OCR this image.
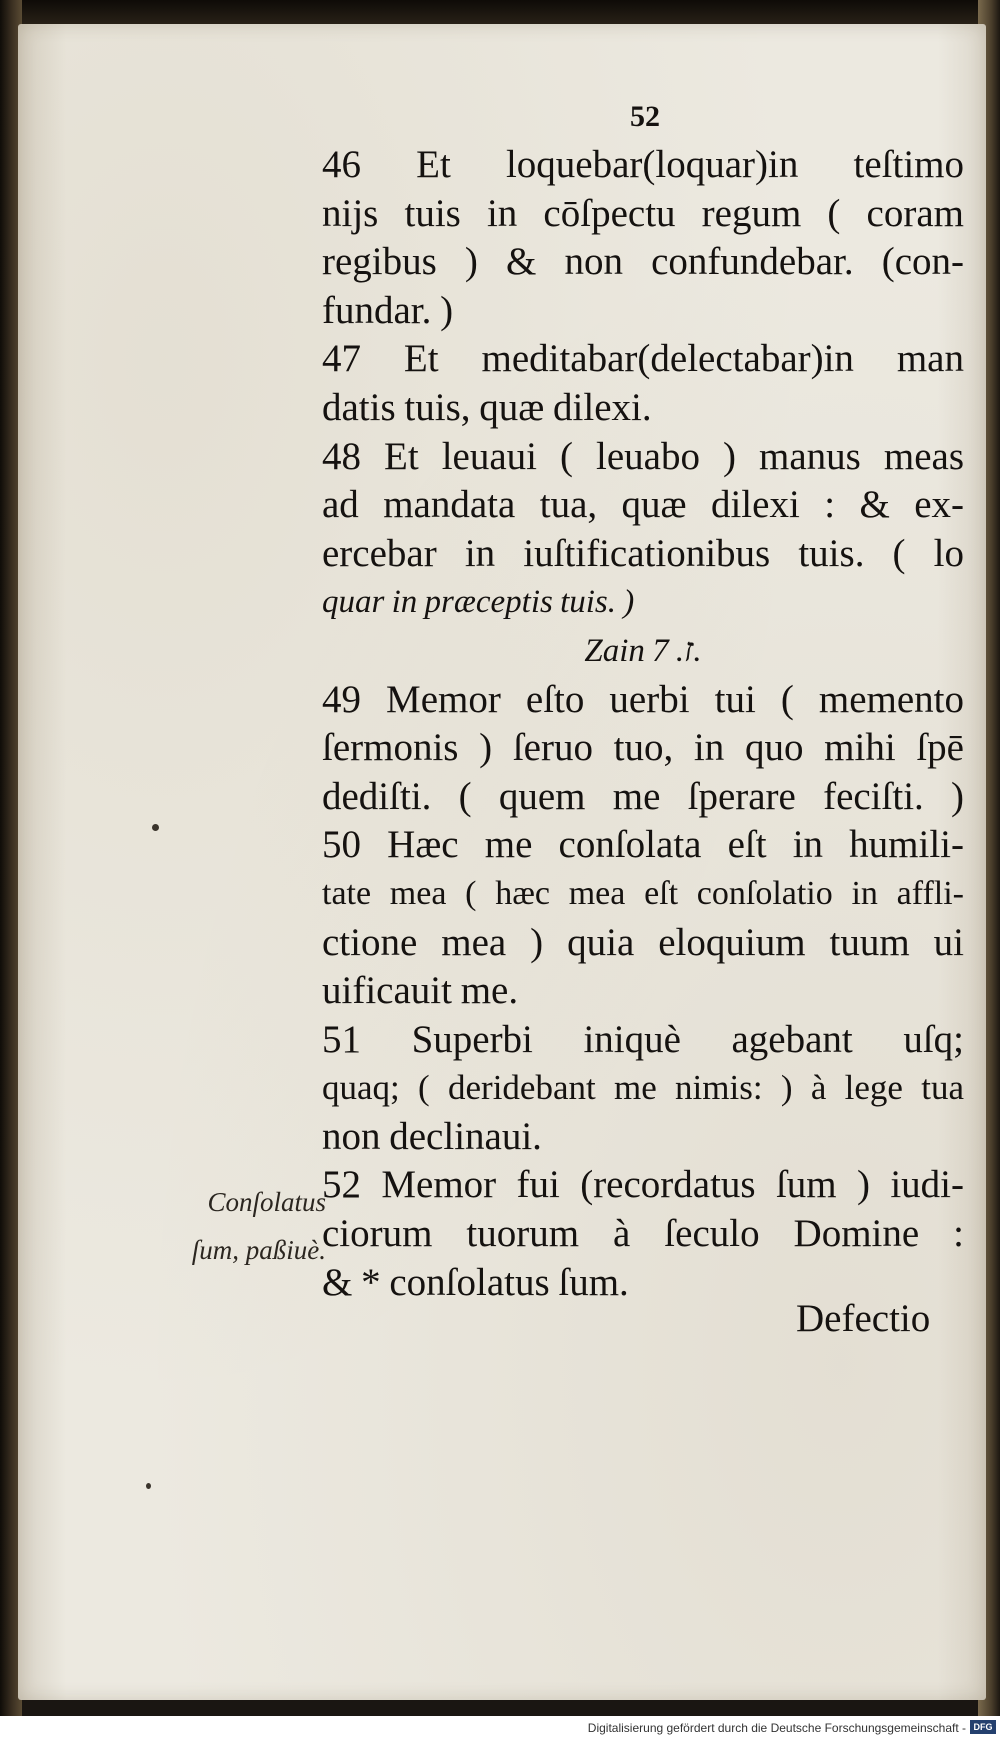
52
46 Et loquebar(loquar)in teſtimo
nijs tuis in cōſpectu regum ( coram
regibus ) & non confundebar. (con-
fundar. )
47 Et meditabar(delectabar)in man
datis tuis, quæ dilexi.
48 Et leuaui ( leuabo ) manus meas
ad mandata tua, quæ dilexi : & ex-
ercebar in iuſtificationibus tuis. ( lo
quar in præceptis tuis. )
Zain ז. 7.
49 Memor eſto uerbi tui ( memento
ſermonis ) ſeruo tuo, in quo mihi ſpē
dediſti. ( quem me ſperare feciſti. )
50 Hæc me conſolata eſt in humili-
tate mea ( hæc mea eſt conſolatio in affli-
ctione mea ) quia eloquium tuum ui
uificauit me.
51 Superbi iniquè agebant uſq;
quaq; ( deridebant me nimis: ) à lege tua
non declinaui.
52 Memor fui (recordatus ſum ) iudi-
ciorum tuorum à ſeculo Domine :
& * conſolatus ſum.
Conſolatus
ſum, paßiuè.
Defectio
Digitalisierung gefördert durch die Deutsche Forschungsgemeinschaft - DFG
